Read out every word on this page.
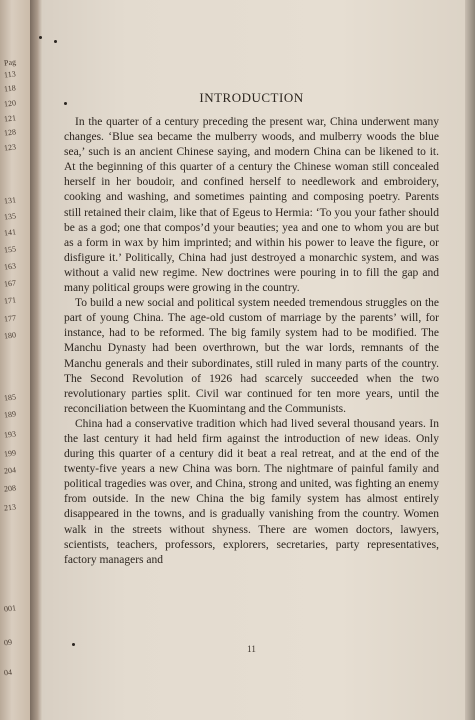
Pag
113
118
120
121
128
123
131
135
141
155
163
167
171
177
180
185
189
193
199
204
208
213
001
09
04
INTRODUCTION

In the quarter of a century preceding the present war, China underwent many changes. ‘Blue sea became the mulberry woods, and mulberry woods the blue sea,’ such is an ancient Chinese saying, and modern China can be likened to it. At the beginning of this quarter of a century the Chinese woman still concealed herself in her boudoir, and confined herself to needlework and embroidery, cooking and washing, and sometimes painting and composing poetry. Parents still retained their claim, like that of Egeus to Hermia: ‘To you your father should be as a god; one that compos’d your beauties; yea and one to whom you are but as a form in wax by him imprinted; and within his power to leave the figure, or disfigure it.’ Politically, China had just destroyed a monarchic system, and was without a valid new regime. New doctrines were pouring in to fill the gap and many political groups were growing in the country.

To build a new social and political system needed tremendous struggles on the part of young China. The age-old custom of marriage by the parents’ will, for instance, had to be reformed. The big family system had to be modified. The Manchu Dynasty had been overthrown, but the war lords, remnants of the Manchu generals and their subordinates, still ruled in many parts of the country. The Second Revolution of 1926 had scarcely succeeded when the two revolutionary parties split. Civil war continued for ten more years, until the reconciliation between the Kuomintang and the Communists.

China had a conservative tradition which had lived several thousand years. In the last century it had held firm against the introduction of new ideas. Only during this quarter of a century did it beat a real retreat, and at the end of the twenty-five years a new China was born. The nightmare of painful family and political tragedies was over, and China, strong and united, was fighting an enemy from outside. In the new China the big family system has almost entirely disappeared in the towns, and is gradually vanishing from the country. Women walk in the streets without shyness. There are women doctors, lawyers, scientists, teachers, professors, explorers, secretaries, party representatives, factory managers and

11
